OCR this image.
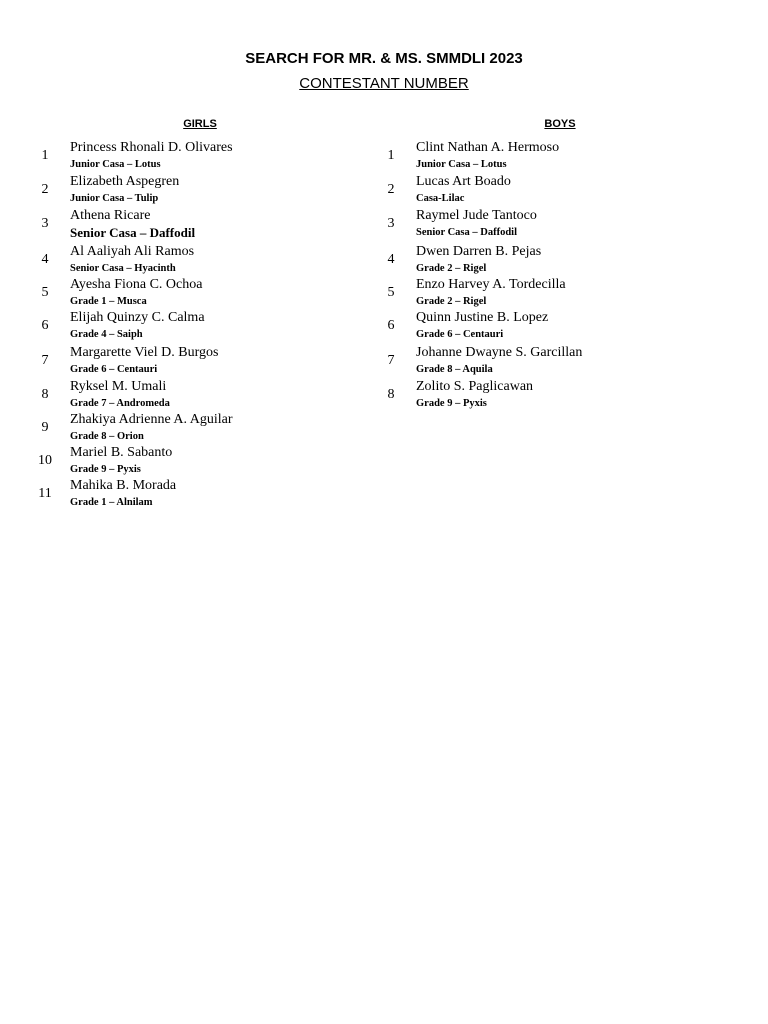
SEARCH FOR MR. & MS. SMMDLI 2023
CONTESTANT NUMBER
GIRLS	BOYS
1
Princess Rhonali D. Olivares
Junior Casa – Lotus
2
Elizabeth Aspegren
Junior Casa – Tulip
3
Athena Ricare
Senior Casa – Daffodil
4
Al Aaliyah Ali Ramos
Senior Casa – Hyacinth
5
Ayesha Fiona C. Ochoa
Grade 1 – Musca
6
Elijah Quinzy C. Calma
Grade 4 – Saiph
7
Margarette Viel D. Burgos
Grade 6 – Centauri
8
Ryksel M. Umali
Grade 7 – Andromeda
9
Zhakiya Adrienne A. Aguilar
Grade 8 – Orion
10
Mariel B. Sabanto
Grade 9 – Pyxis
11
Mahika B. Morada
Grade 1 – Alnilam
1
Clint Nathan A. Hermoso
Junior Casa – Lotus
2
Lucas Art Boado
Casa-Lilac
3
Raymel Jude Tantoco
Senior Casa – Daffodil
4
Dwen Darren B. Pejas
Grade 2 – Rigel
5
Enzo Harvey A. Tordecilla
Grade 2 – Rigel
6
Quinn Justine B. Lopez
Grade 6 – Centauri
7
Johanne Dwayne S. Garcillan
Grade 8 – Aquila
8
Zolito S. Paglicawan
Grade 9 – Pyxis
